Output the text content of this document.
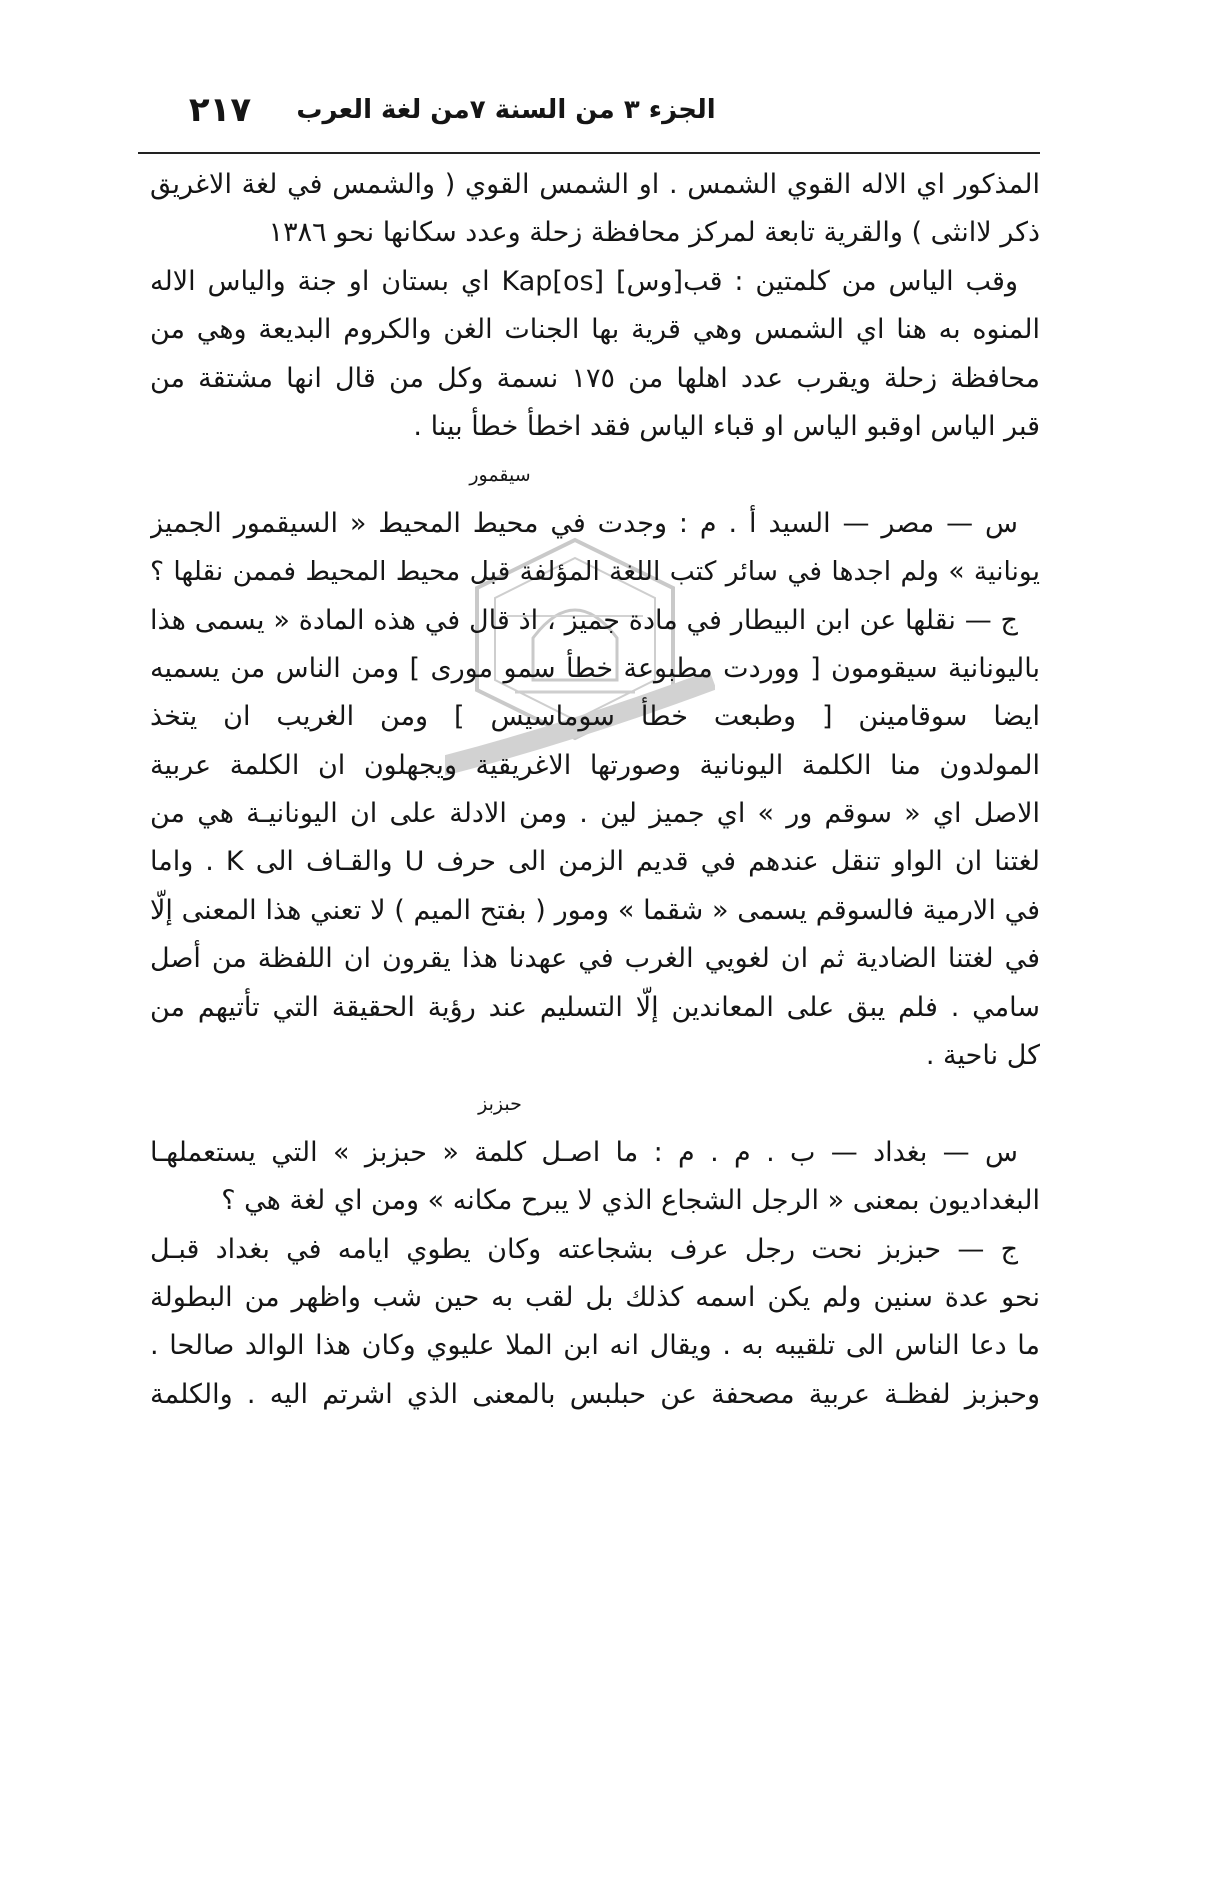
٢١٧	الجزء ٣ من السنة ٧من لغة العرب
المذكور اي الاله القوي الشمس . او الشمس القوي ( والشمس في لغة الاغريق
ذكر لاانثى ) والقرية تابعة لمركز محافظة زحلة وعدد سكانها نحو ١٣٨٦
وقب الياس من كلمتين : قب[وس] Kap[os] اي بستان او جنة والياس الاله
المنوه به هنا اي الشمس وهي قرية بها الجنات الغن والكروم البديعة وهي من
محافظة زحلة ويقرب عدد اهلها من ١٧٥ نسمة وكل من قال انها مشتقة من
قبر الياس اوقبو الياس او قباء الياس فقد اخطأ خطأ بينا .
سيقمور
س — مصر — السيد أ . م : وجدت في محيط المحيط « السيقمور الجميز
يونانية » ولم اجدها في سائر كتب اللغة المؤلفة قبل محيط المحيط فممن نقلها ؟
ج — نقلها عن ابن البيطار في مادة جميز ، اذ قال في هذه المادة « يسمى هذا
باليونانية سيقومون [ ووردت مطبوعة خطأ سمو مورى ] ومن الناس من يسميه
ايضا سوقامينن [ وطبعت خطأ سوماسيس ] ومن الغريب ان يتخذ
المولدون منا الكلمة اليونانية وصورتها الاغريقية ويجهلون ان الكلمة عربية
الاصل اي « سوقم ور » اي جميز لين . ومن الادلة على ان اليونانيـة هي من
لغتنا ان الواو تنقل عندهم في قديم الزمن الى حرف U والقـاف الى K . واما
في الارمية فالسوقم يسمى « شقما » ومور ( بفتح الميم ) لا تعني هذا المعنى إلّا
في لغتنا الضادية ثم ان لغويي الغرب في عهدنا هذا يقرون ان اللفظة من أصل
سامي . فلم يبق على المعاندين إلّا التسليم عند رؤية الحقيقة التي تأتيهم من
كل ناحية .
حبزبز
س — بغداد — ب . م . م : ما اصـل كلمة « حبزبز » التي يستعملهـا
البغداديون بمعنى « الرجل الشجاع الذي لا يبرح مكانه » ومن اي لغة هي ؟
ج — حبزبز نحت رجل عرف بشجاعته وكان يطوي ايامه في بغداد قبـل
نحو عدة سنين ولم يكن اسمه كذلك بل لقب به حين شب واظهر من البطولة
ما دعا الناس الى تلقيبه به . ويقال انه ابن الملا عليوي وكان هذا الوالد صالحا .
وحبزبز لفظـة عربية مصحفة عن حبلبس بالمعنى الذي اشرتم اليه . والكلمة
